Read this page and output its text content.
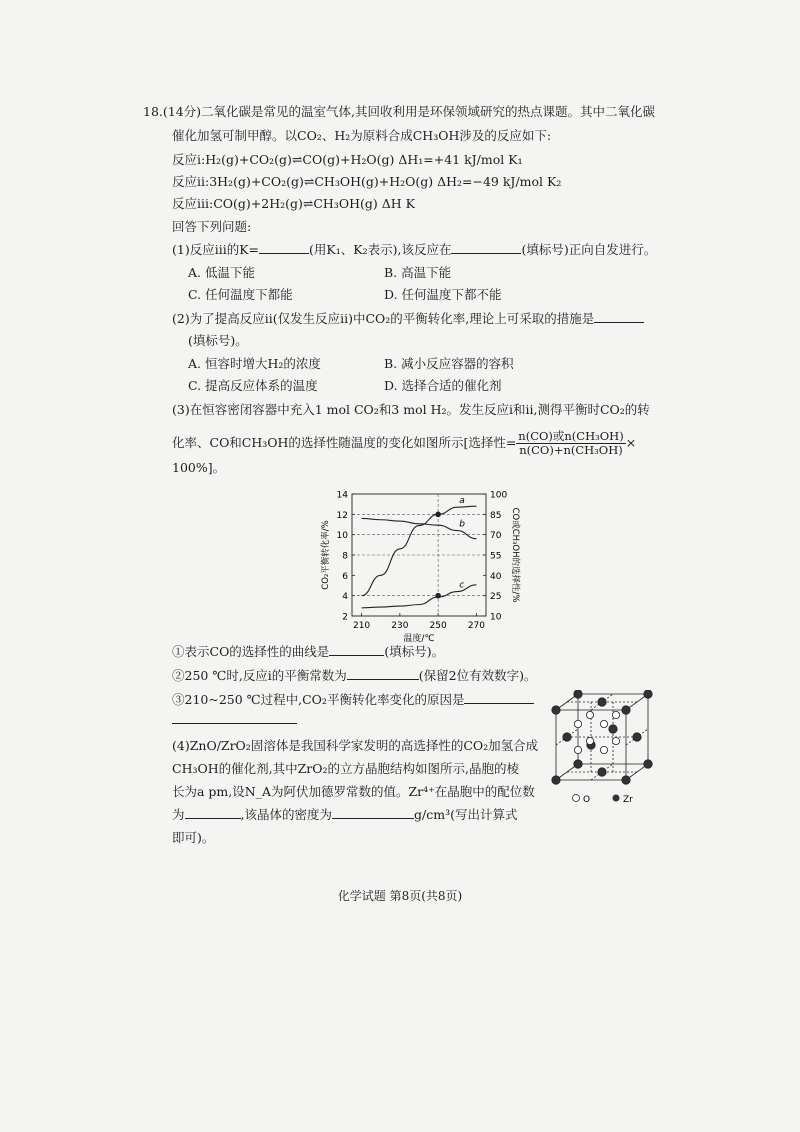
18.(14分)二氧化碳是常见的温室气体,其回收利用是环保领域研究的热点课题。其中二氧化碳
催化加氢可制甲醇。以CO₂、H₂为原料合成CH₃OH涉及的反应如下:
反应ⅰ:H₂(g)+CO₂(g)⇌CO(g)+H₂O(g) ΔH₁=+41 kJ/mol K₁
反应ⅱ:3H₂(g)+CO₂(g)⇌CH₃OH(g)+H₂O(g) ΔH₂=−49 kJ/mol K₂
反应ⅲ:CO(g)+2H₂(g)⇌CH₃OH(g) ΔH K
回答下列问题:
(1)反应ⅲ的K=	(用K₁、K₂表示),该反应在	(填标号)正向自发进行。
A. 低温下能	B. 高温下能
C. 任何温度下都能	D. 任何温度下都不能
(2)为了提高反应ⅱ(仅发生反应ⅱ)中CO₂的平衡转化率,理论上可采取的措施是
(填标号)。
A. 恒容时增大H₂的浓度	B. 减小反应容器的容积
C. 提高反应体系的温度	D. 选择合适的催化剂
(3)在恒容密闭容器中充入1 mol CO₂和3 mol H₂。发生反应ⅰ和ⅱ,测得平衡时CO₂的转
化率、CO和CH₃OH的选择性随温度的变化如图所示[选择性= $\frac{\text{n(CO)或n(CH₃OH)}}{\text{n(CO)+n(CH₃OH)}}$ ×
100%]。
2
4
6
8
10
12
14
10
25
40
55
70
85
100
210 230 250 270
温度/℃
CO₂平衡转化率/%	CO或CH₃OH的选择性/%
a
b
c
①表示CO的选择性的曲线是	(填标号)。
②250 ℃时,反应ⅰ的平衡常数为	(保留2位有效数字)。
③210~250 ℃过程中,CO₂平衡转化率变化的原因是
(4)ZnO/ZrO₂固溶体是我国科学家发明的高选择性的CO₂加氢合成
CH₃OH的催化剂,其中ZrO₂的立方晶胞结构如图所示,晶胞的棱
长为a pm,设N_A为阿伏加德罗常数的值。Zr⁴⁺在晶胞中的配位数
为	,该晶体的密度为	g/cm³(写出计算式
即可)。
O	Zr
化学试题 第8页(共8页)
